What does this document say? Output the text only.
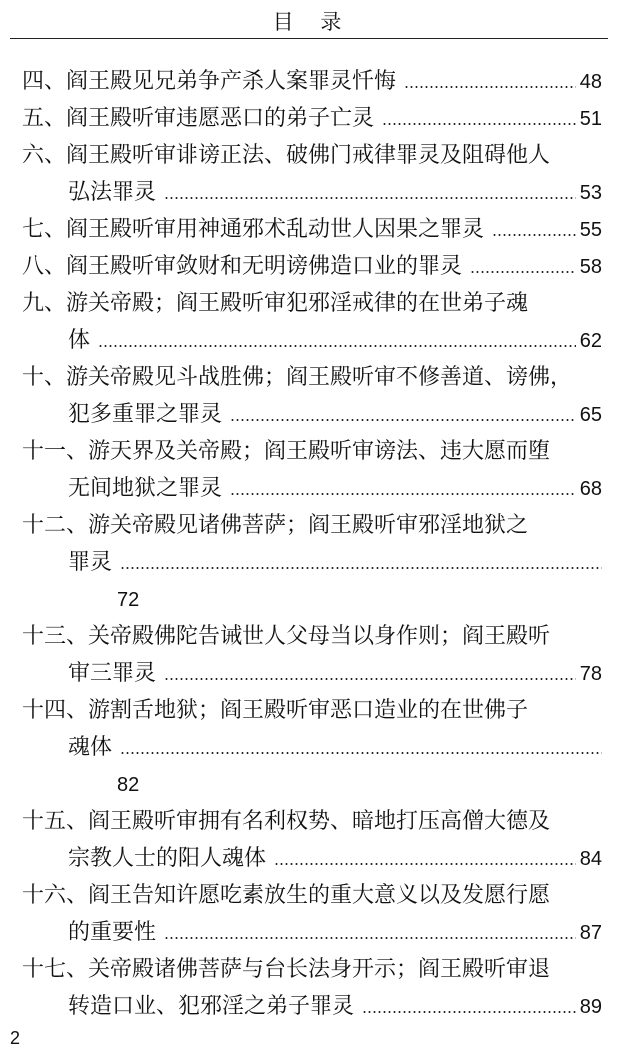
目 录
四、阎王殿见兄弟争产杀人案罪灵忏悔	48
五、阎王殿听审违愿恶口的弟子亡灵	51
六、阎王殿听审诽谤正法、破佛门戒律罪灵及阻碍他人
弘法罪灵	53
七、阎王殿听审用神通邪术乱动世人因果之罪灵	55
八、阎王殿听审敛财和无明谤佛造口业的罪灵	58
九、游关帝殿；阎王殿听审犯邪淫戒律的在世弟子魂
体	62
十、游关帝殿见斗战胜佛；阎王殿听审不修善道、谤佛，
犯多重罪之罪灵	65
十一、游天界及关帝殿；阎王殿听审谤法、违大愿而堕
无间地狱之罪灵	68
十二、游关帝殿见诸佛菩萨；阎王殿听审邪淫地狱之
罪灵
72
十三、关帝殿佛陀告诫世人父母当以身作则；阎王殿听
审三罪灵	78
十四、游割舌地狱；阎王殿听审恶口造业的在世佛子
魂体
82
十五、阎王殿听审拥有名利权势、暗地打压高僧大德及
宗教人士的阳人魂体	84
十六、阎王告知许愿吃素放生的重大意义以及发愿行愿
的重要性	87
十七、关帝殿诸佛菩萨与台长法身开示；阎王殿听审退
转造口业、犯邪淫之弟子罪灵	89
2
